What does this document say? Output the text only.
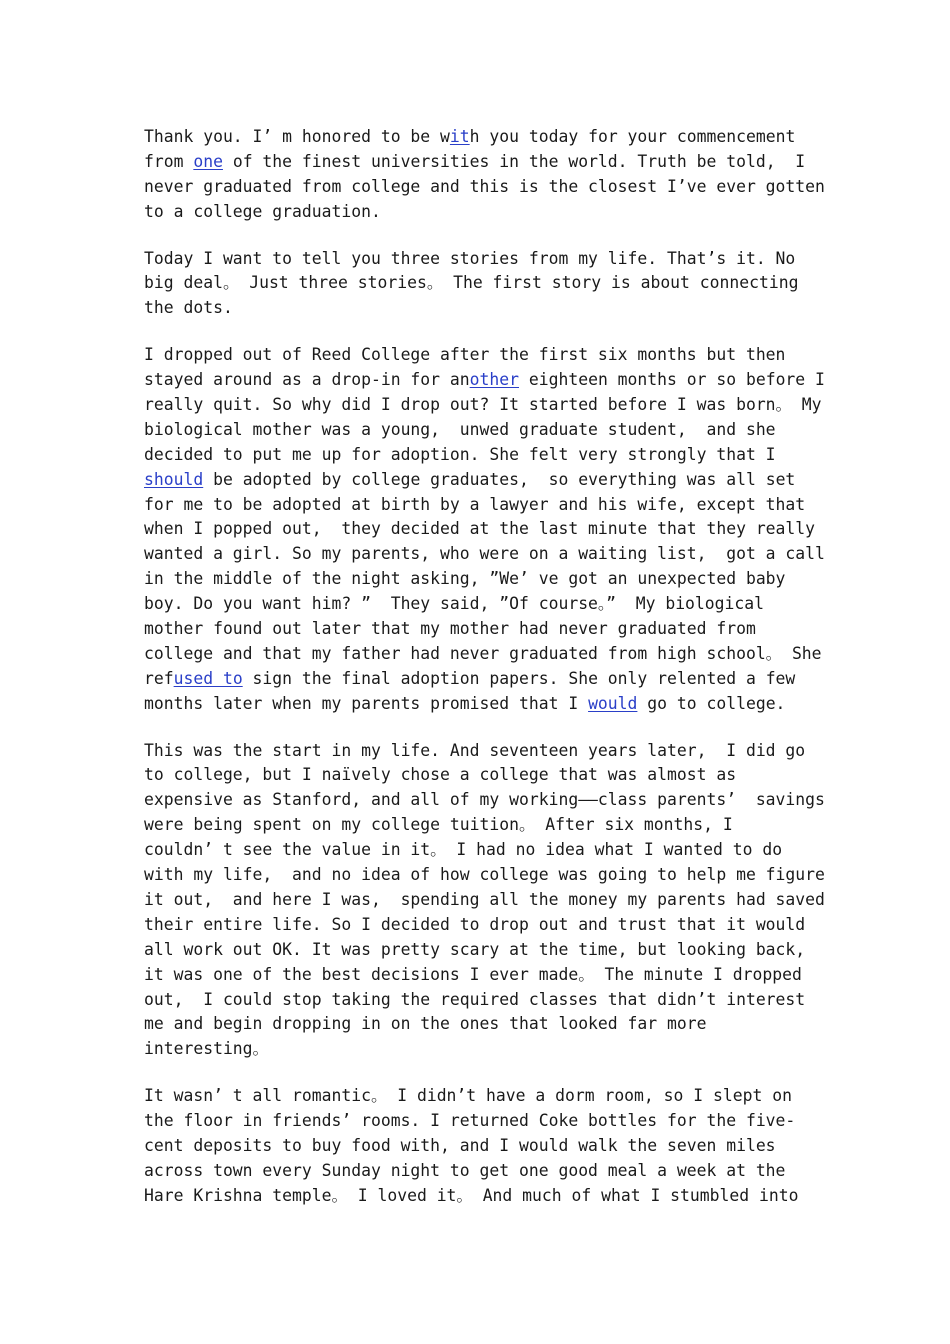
Thank you. I’ m honored to be with you today for your commencement
from one of the finest universities in the world. Truth be told,  I
never graduated from college and this is the closest I’ve ever gotten
to a college graduation.
Today I want to tell you three stories from my life. That’s it. No
big deal。 Just three stories。 The first story is about connecting
the dots.
I dropped out of Reed College after the first six months but then
stayed around as a drop-in for another eighteen months or so before I
really quit. So why did I drop out? It started before I was born。 My
biological mother was a young,  unwed graduate student,  and she
decided to put me up for adoption. She felt very strongly that I
should be adopted by college graduates,  so everything was all set
for me to be adopted at birth by a lawyer and his wife, except that
when I popped out,  they decided at the last minute that they really
wanted a girl. So my parents, who were on a waiting list,  got a call
in the middle of the night asking, ”We’ ve got an unexpected baby
boy. Do you want him? ”  They said, ”Of course。”  My biological
mother found out later that my mother had never graduated from
college and that my father had never graduated from high school。 She
refused to sign the final adoption papers. She only relented a few
months later when my parents promised that I would go to college.
This was the start in my life. And seventeen years later,  I did go
to college, but I naïvely chose a college that was almost as
expensive as Stanford, and all of my working——class parents’  savings
were being spent on my college tuition。 After six months, I
couldn’ t see the value in it。 I had no idea what I wanted to do
with my life,  and no idea of how college was going to help me figure
it out,  and here I was,  spending all the money my parents had saved
their entire life. So I decided to drop out and trust that it would
all work out OK. It was pretty scary at the time, but looking back,
it was one of the best decisions I ever made。 The minute I dropped
out,  I could stop taking the required classes that didn’t interest
me and begin dropping in on the ones that looked far more
interesting。
It wasn’ t all romantic。 I didn’t have a dorm room, so I slept on
the floor in friends’ rooms. I returned Coke bottles for the five-
cent deposits to buy food with, and I would walk the seven miles
across town every Sunday night to get one good meal a week at the
Hare Krishna temple。 I loved it。 And much of what I stumbled into
